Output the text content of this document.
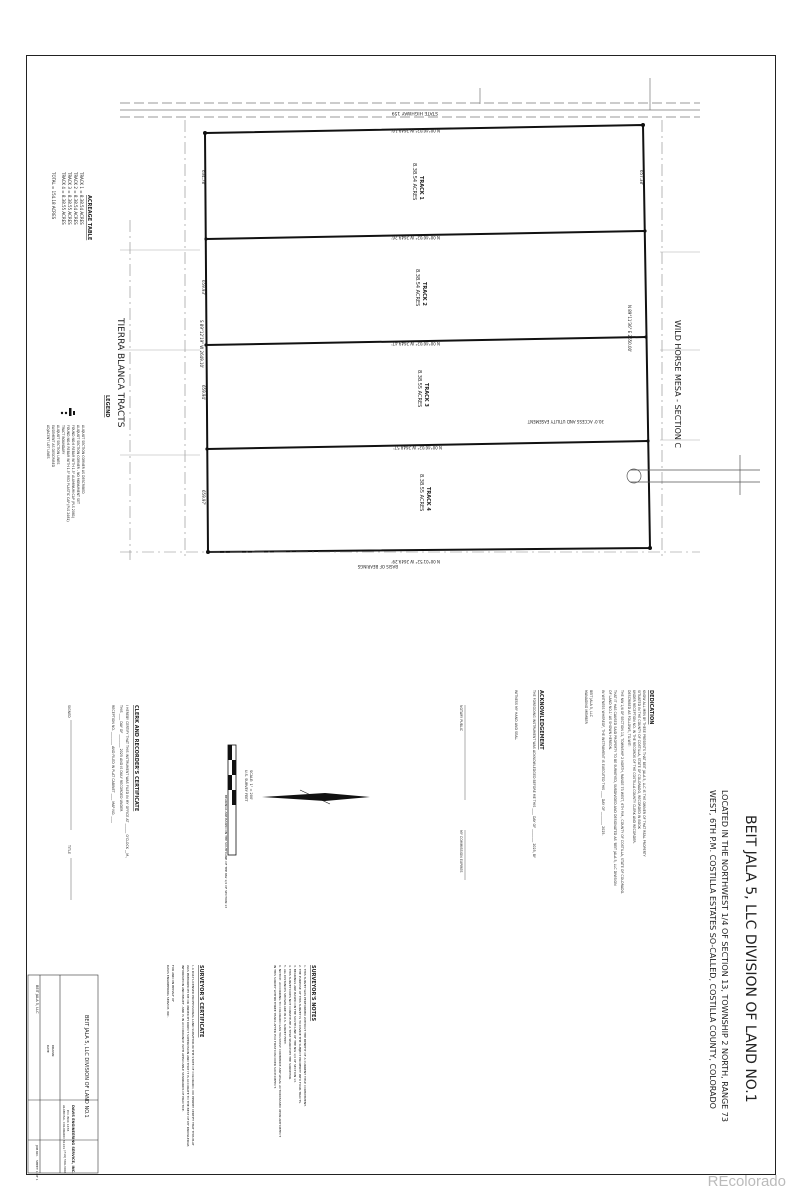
STATE HIGHWAY 159
TRACK 1
8.38.54 ACRES
TRACK 2
8.38.54 ACRES
TRACK 3
8.38.55 ACRES
TRACK 4
8.38.55 ACRES
N 00°46'02" W 2649.10'
N 00°46'02" W 2649.26'
N 00°46'02" W 2649.47'
N 00°46'02" W 2648.57'
N 00°01'52" W 2649.29'
BASIS OF BEARINGS
S 89°12'19" W 2649.10'	N 89°11'36" E 2650.00'
634.78'
659.93'
659.94'
659.97'
657.38'
30.0' ACCESS AND UTILITY EASEMENT
TIERRA BLANCA TRACTS	WILD HORSE MESA - SECTION C
ACREAGE TABLE
TRACK 1 = 8.38.54 ACRES
TRACK 2 = 8.38.54 ACRES
TRACK 3 = 8.38.55 ACRES
TRACK 4 = 8.38.55 ACRES
TOTAL = 154.18 ACRES
LEGEND
ALIQUOT SECTION CORNER AS DESCRIBED
ALIQUOT SECTION CORNER - NO MONUMENT SET
FOUND NO.6 REBAR WITH 1.5" ALUMINUM CAP (PLS 2081)
FOUND NO.6 REBAR WITH 1.5" RED PLASTIC CAP (PLS 2481)
TRACT BOUNDARY
ALIQUOT SECTION LINES
EASEMENT AS DESCRIBED
ADJACENT LOT LINES
SCALE: 1" = 200'
U.S. SURVEY FEET
BEARINGS ARE BASED ON THE SOUTH LINE OF THE NW 1/4 OF SECTION 13	BEIT JALA 5, LLC DIVISION OF LAND NO.1
LOCATED IN THE NORTHWEST 1/4 OF SECTION 13, TOWNSHIP 2 NORTH, RANGE 73
WEST, 6TH P.M. COSTILLA ESTATES SO-CALLED, COSTILLA COUNTY, COLORADO
DEDICATION
KNOW ALL MEN BY THESE PRESENTS THAT BEIT JALA 5, LLC IS THE OWNER OF THAT REAL PROPERTY
SITUATED IN THE COUNTY OF COSTILLA, STATE OF COLORADO, RECORDED IN BOOK
UNDER RECEPTION NO. IN THE RECORDS OF THE COSTILLA COUNTY CLERK AND RECORDER.
DESCRIBED AS FOLLOWS, TO-WIT:
THE NW 1/4 OF SECTION 13, TOWNSHIP 2 NORTH, RANGE 73 WEST, 6TH P.M., COUNTY OF COSTILLA, STATE OF COLORADO.
THAT IT HAS CAUSED SAID PROPERTY TO BE SURVEYED, SUBDIVIDED AND DESIGNATED AS 'BEIT JALA 5, LLC DIVISION
OF LAND NO.1' AS SHOWN HEREON.
IN WITNESS WHEREOF, THE INSTRUMENT IS EXECUTED THIS ____ DAY OF ________ 2025.
BEIT JALA 5, LLC
MANAGING MEMBER
ACKNOWLEDGEMENT
THE FOREGOING INSTRUMENT WAS ACKNOWLEDGED BEFORE ME THIS ____ DAY OF ________ 2025, BY
WITNESS MY HAND AND SEAL.
MY COMMISSION EXPIRES
NOTARY PUBLIC
CLERK AND RECORDER'S CERTIFICATE
I HEREBY CERTIFY THAT THIS INSTRUMENT WAS FILED IN MY OFFICE AT ______ O'CLOCK __M.,
THIS ____ DAY OF ________ 2025 AND IS DULY RECORDED UNDER
RECEPTION NO. ________ AND FILED IN PLAT CABINET ____ MAP NO. ____
SIGNED
TITLE
SURVEYOR'S NOTES
1. THIS SURVEY WAS PERFORMED WITHOUT THE BENEFIT OF A CURRENT TITLE COMMITMENT.
2. THE PURPOSE OF THIS SURVEY IS TO DIVIDE THE SUBJECT PROPERTY INTO FOUR TRACTS.
3. BEARINGS ARE BASED ON THE SOUTH LINE OF THE NW 1/4 OF SECTION 13.
4. THIS SURVEY DOES NOT CONSTITUTE A TITLE SEARCH BY THE SURVEYOR.
5. ALL DISTANCES SHOWN ARE IN U.S. SURVEY FEET.
6. NOTICE: ACCORDING TO COLORADO LAW YOU MUST COMMENCE ANY LEGAL ACTION BASED UPON ANY DEFECT
IN THIS SURVEY WITHIN THREE YEARS AFTER YOU FIRST DISCOVER SUCH DEFECT.
SURVEYOR'S CERTIFICATE
I, A DULY LICENSED PROFESSIONAL LAND SURVEYOR IN THE STATE OF COLORADO, DO HEREBY CERTIFY THAT THIS PLAT
WAS PREPARED BY ME OR UNDER MY DIRECT SUPERVISION AND THAT IT IS ACCURATE TO THE BEST OF MY KNOWLEDGE,
INFORMATION AND BELIEF, AND IS IN ACCORDANCE WITH APPLICABLE STANDARDS OF PRACTICE.
FOR AND ON BEHALF OF
DAVIS ENGINEERING SERVICE, INC.
BEIT JALA 5, LLC DIVISION OF LAND NO.1
DAVIS ENGINEERING SERVICE, INC.
P.O. BOX 1458
ALAMOSA, COLORADO 81101
(719) 589-3004
BEIT JALA 5, LLC
DRAWN
DATE
JOB NO.
SHEET 1 OF 1
REcolorado
